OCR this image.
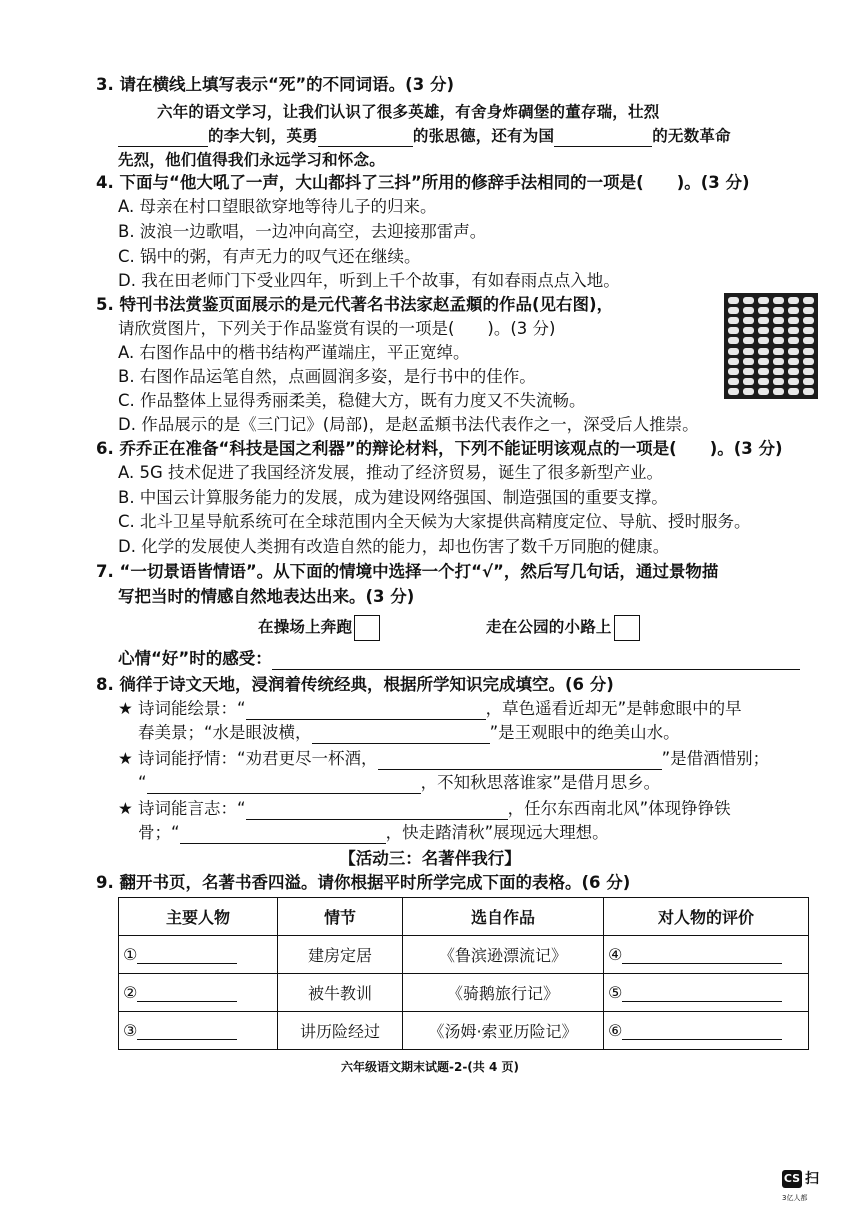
3. 请在横线上填写表示“死”的不同词语。(3 分)
六年的语文学习，让我们认识了很多英雄，有舍身炸碉堡的董存瑞，壮烈
的李大钊，英勇	的张思德，还有为国	的无数革命
先烈，他们值得我们永远学习和怀念。
4. 下面与“他大吼了一声，大山都抖了三抖”所用的修辞手法相同的一项是(　　)。(3 分)
A. 母亲在村口望眼欲穿地等待儿子的归来。
B. 波浪一边歌唱，一边冲向高空，去迎接那雷声。
C. 锅中的粥，有声无力的叹气还在继续。
D. 我在田老师门下受业四年，听到上千个故事，有如春雨点点入地。
5. 特刊书法赏鉴页面展示的是元代著名书法家赵孟頫的作品(见右图)，
请欣赏图片，下列关于作品鉴赏有误的一项是(　　)。(3 分)
A. 右图作品中的楷书结构严谨端庄，平正宽绰。
B. 右图作品运笔自然，点画圆润多姿，是行书中的佳作。
C. 作品整体上显得秀丽柔美，稳健大方，既有力度又不失流畅。
D. 作品展示的是《三门记》(局部)，是赵孟頫书法代表作之一，深受后人推崇。
6. 乔乔正在准备“科技是国之利器”的辩论材料，下列不能证明该观点的一项是(　　)。(3 分)
A. 5G 技术促进了我国经济发展，推动了经济贸易，诞生了很多新型产业。
B. 中国云计算服务能力的发展，成为建设网络强国、制造强国的重要支撑。
C. 北斗卫星导航系统可在全球范围内全天候为大家提供高精度定位、导航、授时服务。
D. 化学的发展使人类拥有改造自然的能力，却也伤害了数千万同胞的健康。
7. “一切景语皆情语”。从下面的情境中选择一个打“√”，然后写几句话，通过景物描
写把当时的情感自然地表达出来。(3 分)
在操场上奔跑	走在公园的小路上
心情“好”时的感受：
8. 徜徉于诗文天地，浸润着传统经典，根据所学知识完成填空。(6 分)
★ 诗词能绘景：“	，草色遥看近却无”是韩愈眼中的早
春美景；“水是眼波横，	”是王观眼中的绝美山水。
★ 诗词能抒情：“劝君更尽一杯酒，	”是借酒惜别；
“	，不知秋思落谁家”是借月思乡。
★ 诗词能言志：“	，任尔东西南北风”体现铮铮铁
骨；“	，快走踏清秋”展现远大理想。
【活动三：名著伴我行】
9. 翻开书页，名著书香四溢。请你根据平时所学完成下面的表格。(6 分)
主要人物	情节	选自作品	对人物的评价
①	建房定居	《鲁滨逊漂流记》	④
②	被牛教训	《骑鹅旅行记》	⑤
③	讲历险经过	《汤姆·索亚历险记》	⑥
六年级语文期末试题-2-(共 4 页)
CS 扫
3亿人都
